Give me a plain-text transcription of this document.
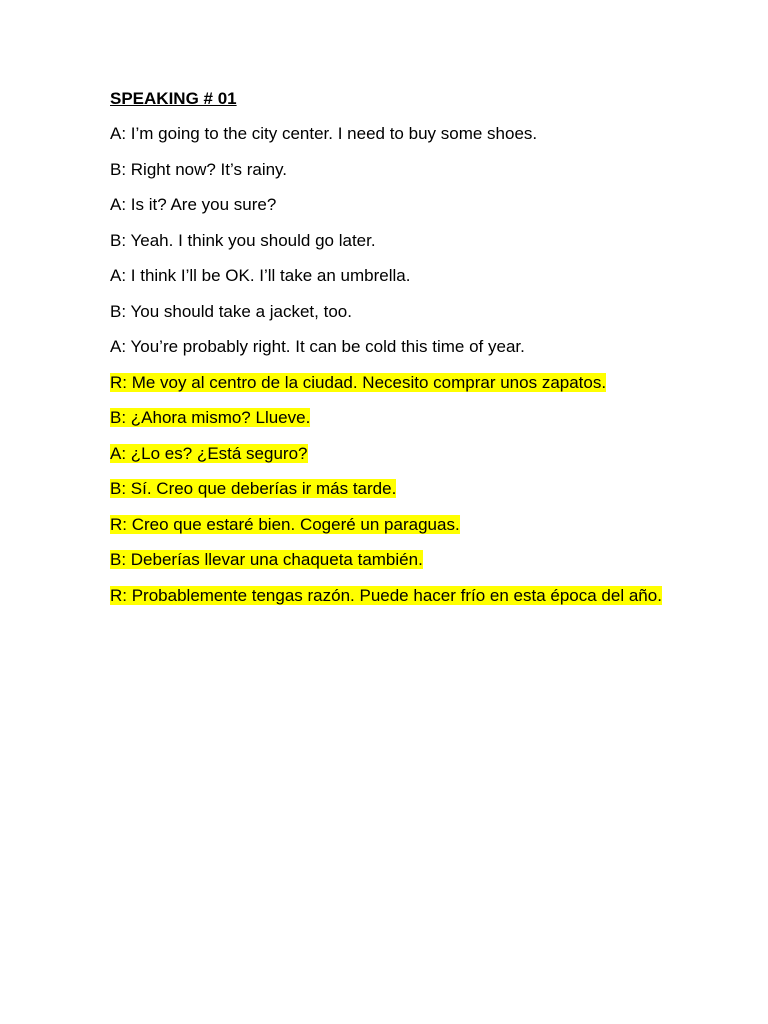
SPEAKING # 01
A: I’m going to the city center. I need to buy some shoes.
B: Right now? It’s rainy.
A: Is it? Are you sure?
B: Yeah. I think you should go later.
A: I think I’ll be OK. I’ll take an umbrella.
B: You should take a jacket, too.
A: You’re probably right. It can be cold this time of year.
R: Me voy al centro de la ciudad. Necesito comprar unos zapatos.
B: ¿Ahora mismo? Llueve.
A: ¿Lo es? ¿Está seguro?
B: Sí. Creo que deberías ir más tarde.
R: Creo que estaré bien. Cogeré un paraguas.
B: Deberías llevar una chaqueta también.
R: Probablemente tengas razón. Puede hacer frío en esta época del año.
